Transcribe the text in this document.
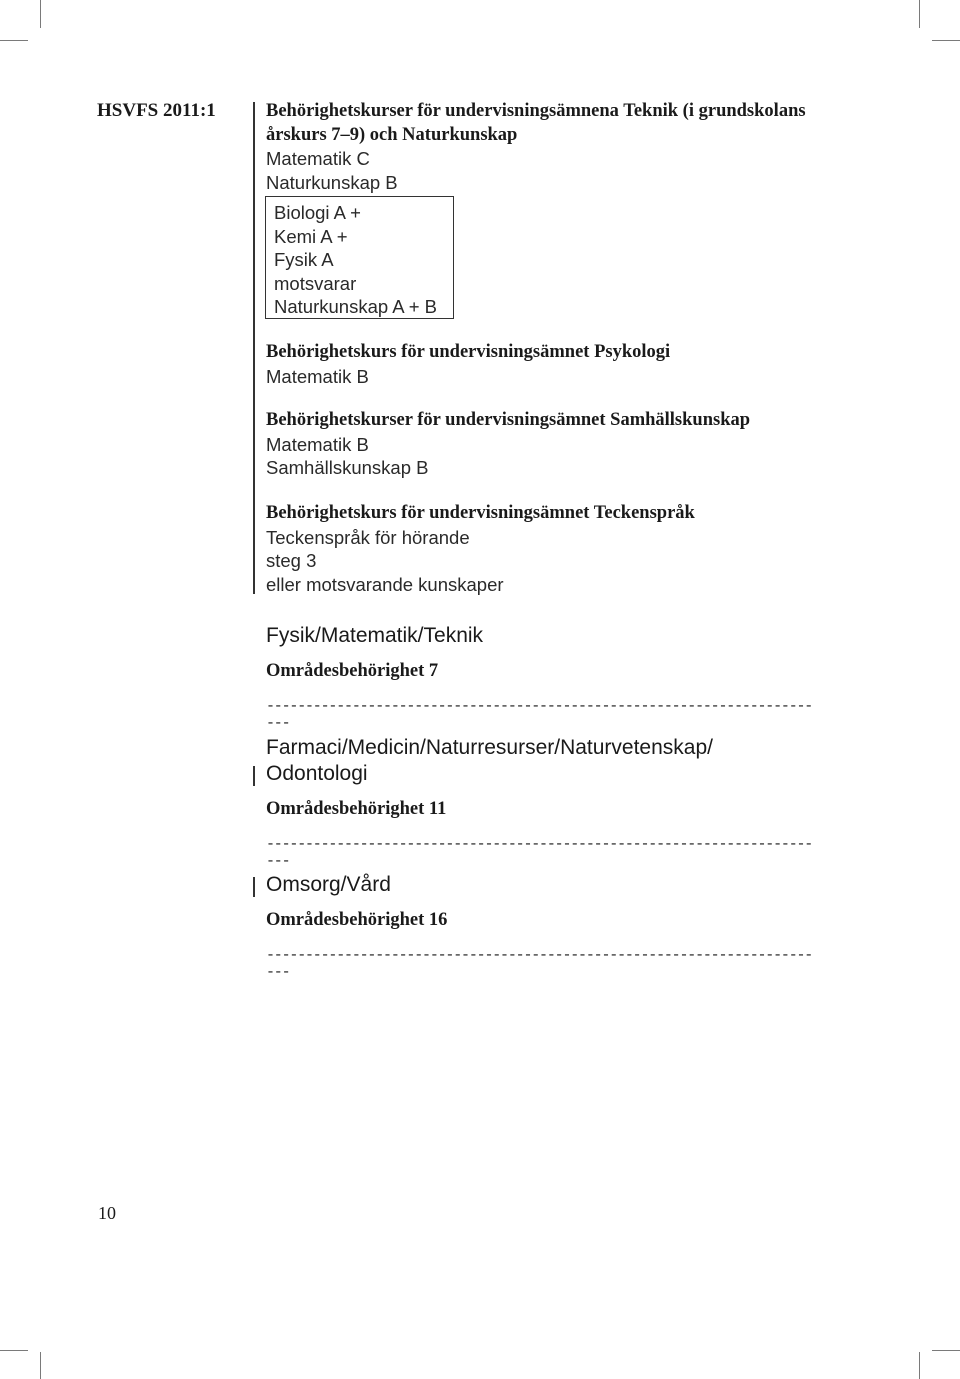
HSVFS 2011:1
10
Behörighetskurser för undervisningsämnena Teknik (i grundskolans
årskurs 7–9) och Naturkunskap
Matematik C
Naturkunskap B
Biologi A +
Kemi A +
Fysik A
motsvarar
Naturkunskap A + B
Behörighetskurs för undervisningsämnet Psykologi
Matematik B
Behörighetskurser för undervisningsämnet Samhällskunskap
Matematik B
Samhällskunskap B
Behörighetskurs för undervisningsämnet Teckenspråk
Teckenspråk för hörande
steg 3
eller motsvarande kunskaper
Fysik/Matematik/Teknik
Områdesbehörighet 7
-------------------------------------------------------------------------
Farmaci/Medicin/Naturresurser/Naturvetenskap/
Odontologi
Områdesbehörighet 11
-------------------------------------------------------------------------
Omsorg/Vård
Områdesbehörighet 16
-------------------------------------------------------------------------
